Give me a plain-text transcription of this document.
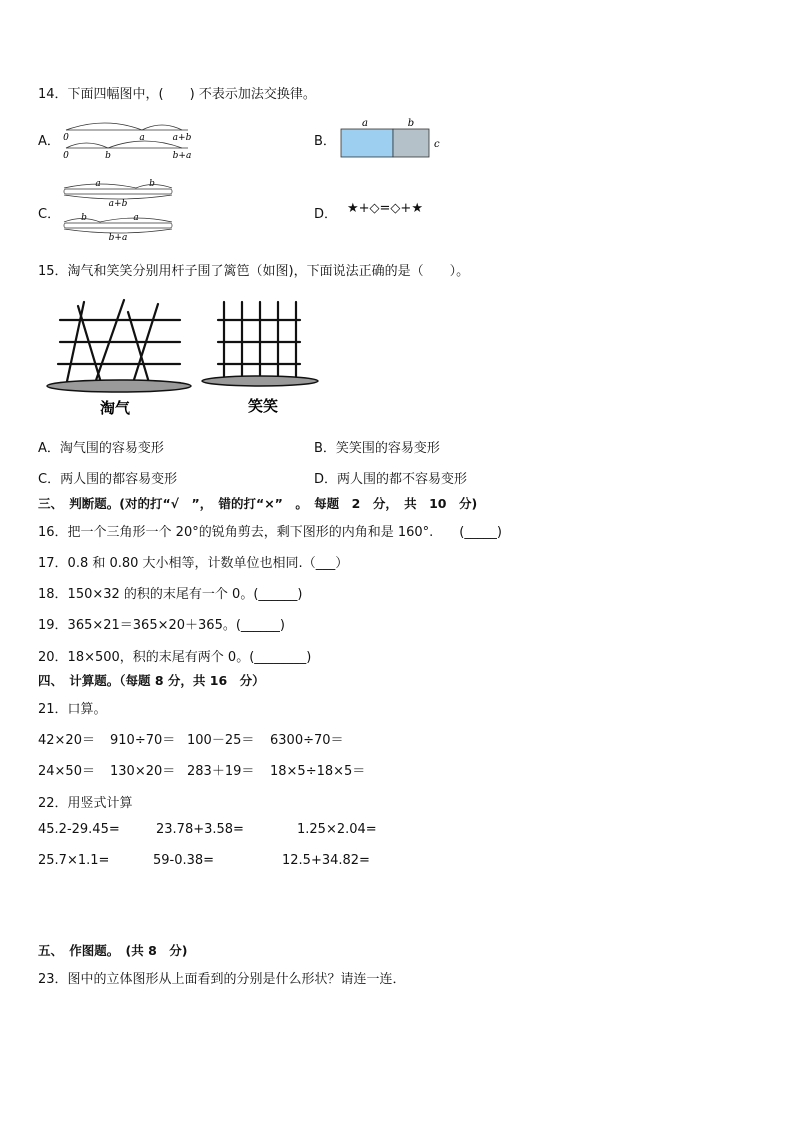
14．下面四幅图中，(　　) 不表示加法交换律。
A． 0	a	a+b
0	b	b+a
B．
a	b
c
C．
a	b
a+b
b	a
b+a
D． ★+◇=◇+★
15．淘气和笑笑分别用杆子围了篱笆（如图)，下面说法正确的是（　　）。
淘气	笑笑
A．淘气围的容易变形	B．笑笑围的容易变形
C．两人围的都容易变形	D．两人围的都不容易变形
三、　判断题。(对的打“√　”，　错的打“×”　。　每题　2　分，　共　10　分)
16．把一个三角形一个 20°的锐角剪去，剩下图形的内角和是 160°.　　(_____)
17．0.8 和 0.80 大小相等，计数单位也相同.（___）
18．150×32 的积的末尾有一个 0。(______)
19．365×21＝365×20＋365。(______)
20．18×500，积的末尾有两个 0。(________)
四、　计算题。（每题 8 分，共 16　分）
21．口算。
42×20＝ 910÷70＝ 100－25＝ 6300÷70＝
24×50＝ 130×20＝ 283＋19＝ 18×5÷18×5＝
22．用竖式计算
45.2-29.45=	23.78+3.58=	1.25×2.04=
25.7×1.1=	59-0.38=	12.5+34.82=
五、　作图题。　(共 8　分)
23．图中的立体图形从上面看到的分别是什么形状？请连一连．
